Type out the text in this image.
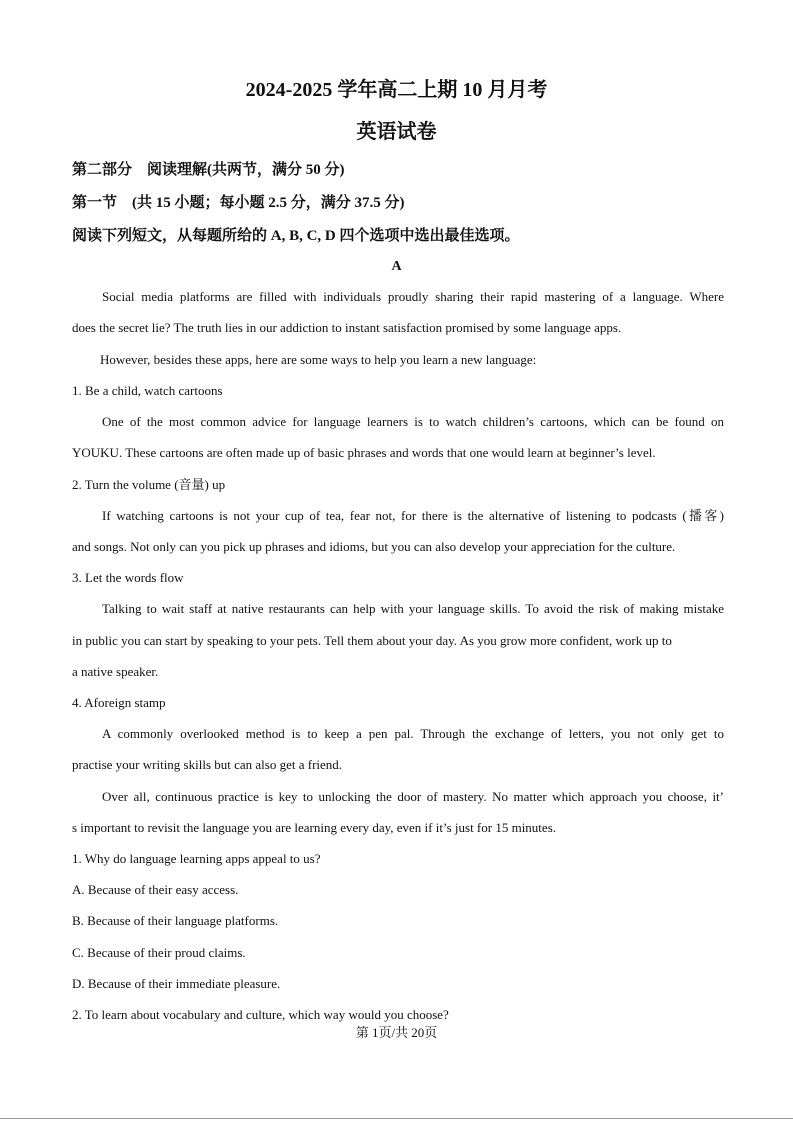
2024-2025 学年高二上期 10 月月考
英语试卷
第二部分　阅读理解(共两节，满分 50 分)
第一节　(共 15 小题；每小题 2.5 分，满分 37.5 分)
阅读下列短文，从每题所给的 A, B, C, D 四个选项中选出最佳选项。
A
Social media platforms are filled with individuals proudly sharing their rapid mastering of a language. Where
does the secret lie? The truth lies in our addiction to instant satisfaction promised by some language apps.
However, besides these apps, here are some ways to help you learn a new language:
1. Be a child, watch cartoons
One of the most common advice for language learners is to watch children’s cartoons, which can be found on
YOUKU. These cartoons are often made up of basic phrases and words that one would learn at beginner’s level.
2. Turn the volume (音量) up
If watching cartoons is not your cup of tea, fear not, for there is the alternative of listening to podcasts (播客)
and songs. Not only can you pick up phrases and idioms, but you can also develop your appreciation for the culture.
3. Let the words flow
Talking to wait staff at native restaurants can help with your language skills. To avoid the risk of making mistake
in public you can start by speaking to your pets. Tell them about your day. As you grow more confident, work up to
a native speaker.
4. Aforeign stamp
A commonly overlooked method is to keep a pen pal. Through the exchange of letters, you not only get to
practise your writing skills but can also get a friend.
Over all, continuous practice is key to unlocking the door of mastery. No matter which approach you choose, it’
s important to revisit the language you are learning every day, even if it’s just for 15 minutes.
1. Why do language learning apps appeal to us?
A. Because of their easy access.
B. Because of their language platforms.
C. Because of their proud claims.
D. Because of their immediate pleasure.
2. To learn about vocabulary and culture, which way would you choose?
第 1页/共 20页
